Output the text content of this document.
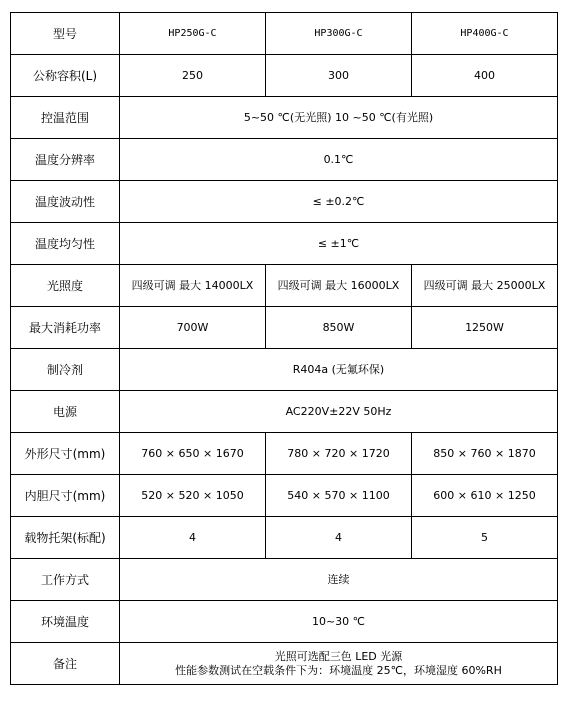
型号	HP250G-C	HP300G-C	HP400G-C
公称容积(L)	250	300	400
控温范围	5~50 ℃(无光照) 10 ~50 ℃(有光照)		
温度分辨率	0.1℃		
温度波动性	≤ ±0.2℃		
温度均匀性	≤ ±1℃		
光照度	四级可调 最大 14000LX	四级可调 最大 16000LX	四级可调 最大 25000LX
最大消耗功率	700W	850W	1250W
制冷剂	R404a (无氟环保)		
电源	AC220V±22V 50Hz		
外形尺寸(mm)	760 × 650 × 1670	780 × 720 × 1720	850 × 760 × 1870
内胆尺寸(mm)	520 × 520 × 1050	540 × 570 × 1100	600 × 610 × 1250
载物托架(标配)	4	4	5
工作方式	连续		
环境温度	10~30 ℃		
备注	光照可选配三色 LED 光源
性能参数测试在空载条件下为：环境温度 25℃，环境湿度 60%RH		
